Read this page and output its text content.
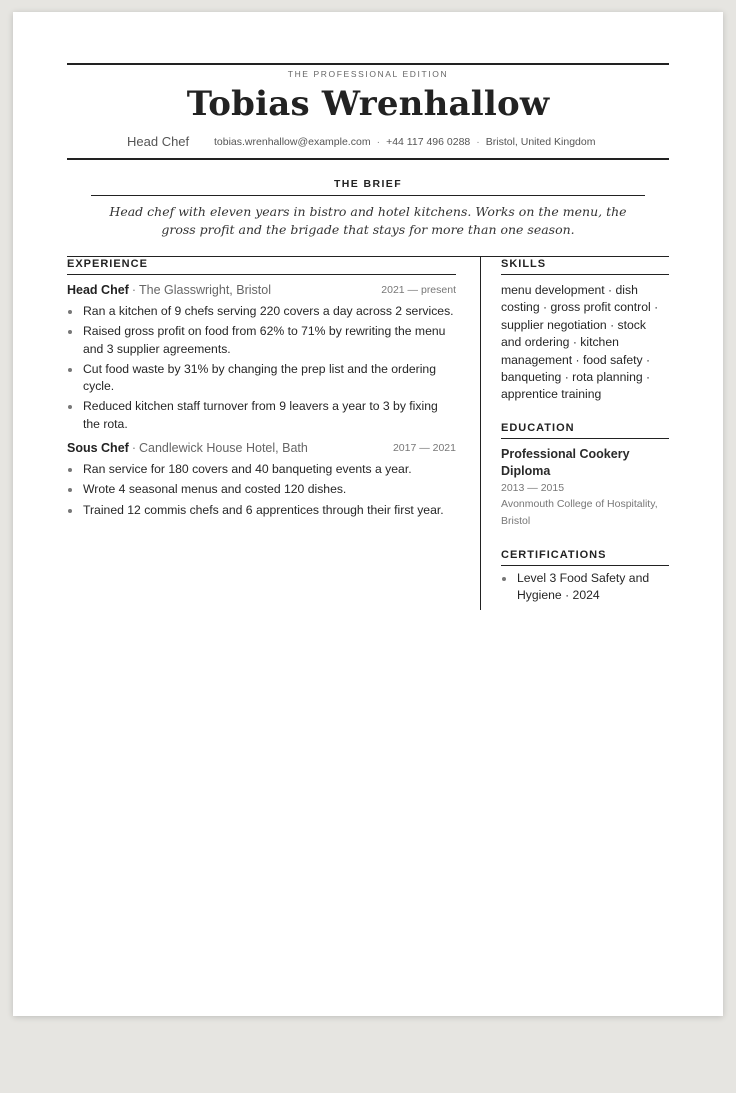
THE PROFESSIONAL EDITION
Tobias Wrenhallow
Head Chef tobias.wrenhallow@example.com · +44 117 496 0288 · Bristol, United Kingdom
THE BRIEF
Head chef with eleven years in bistro and hotel kitchens. Works on the menu, the gross profit and the brigade that stays for more than one season.
EXPERIENCE
Head Chef · The Glasswright, Bristol	2021 — present
Ran a kitchen of 9 chefs serving 220 covers a day across 2 services.
Raised gross profit on food from 62% to 71% by rewriting the menu and 3 supplier agreements.
Cut food waste by 31% by changing the prep list and the ordering cycle.
Reduced kitchen staff turnover from 9 leavers a year to 3 by fixing the rota.
Sous Chef · Candlewick House Hotel, Bath	2017 — 2021
Ran service for 180 covers and 40 banqueting events a year.
Wrote 4 seasonal menus and costed 120 dishes.
Trained 12 commis chefs and 6 apprentices through their first year.
SKILLS
menu development · dish costing · gross profit control · supplier negotiation · stock and ordering · kitchen management · food safety · banqueting · rota planning · apprentice training
EDUCATION
Professional Cookery Diploma
2013 — 2015
Avonmouth College of Hospitality, Bristol
CERTIFICATIONS
Level 3 Food Safety and Hygiene · 2024
